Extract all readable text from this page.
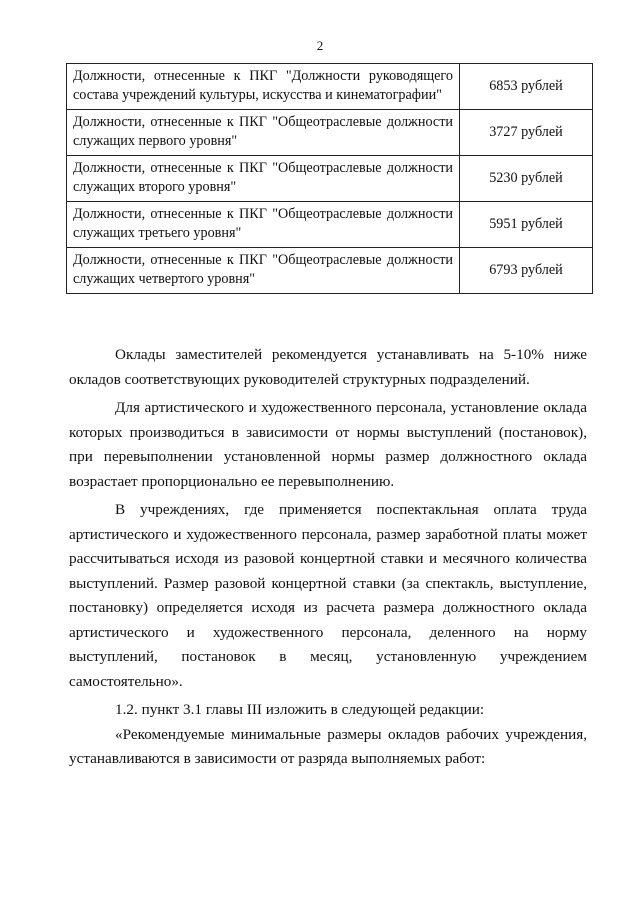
2
Должности, отнесенные к ПКГ "Должности руководящего состава учреждений культуры, искусства и кинематографии"	6853 рублей
Должности, отнесенные к ПКГ "Общеотраслевые должности служащих первого уровня"	3727 рублей
Должности, отнесенные к ПКГ "Общеотраслевые должности служащих второго уровня"	5230 рублей
Должности, отнесенные к ПКГ "Общеотраслевые должности служащих третьего уровня"	5951 рублей
Должности, отнесенные к ПКГ "Общеотраслевые должности служащих четвертого уровня"	6793 рублей

Оклады заместителей рекомендуется устанавливать на 5-10% ниже окладов соответствующих руководителей структурных подразделений.

Для артистического и художественного персонала, установление оклада которых производиться в зависимости от нормы выступлений (постановок), при перевыполнении установленной нормы размер должностного оклада возрастает пропорционально ее перевыполнению.

В учреждениях, где применяется поспектакльная оплата труда артистического и художественного персонала, размер заработной платы может рассчитываться исходя из разовой концертной ставки и месячного количества выступлений. Размер разовой концертной ставки (за спектакль, выступление, постановку) определяется исходя из расчета размера должностного оклада артистического и художественного персонала, деленного на норму выступлений, постановок в месяц, установленную учреждением самостоятельно».

1.2. пункт 3.1 главы III изложить в следующей редакции:

«Рекомендуемые минимальные размеры окладов рабочих учреждения, устанавливаются в зависимости от разряда выполняемых работ:
